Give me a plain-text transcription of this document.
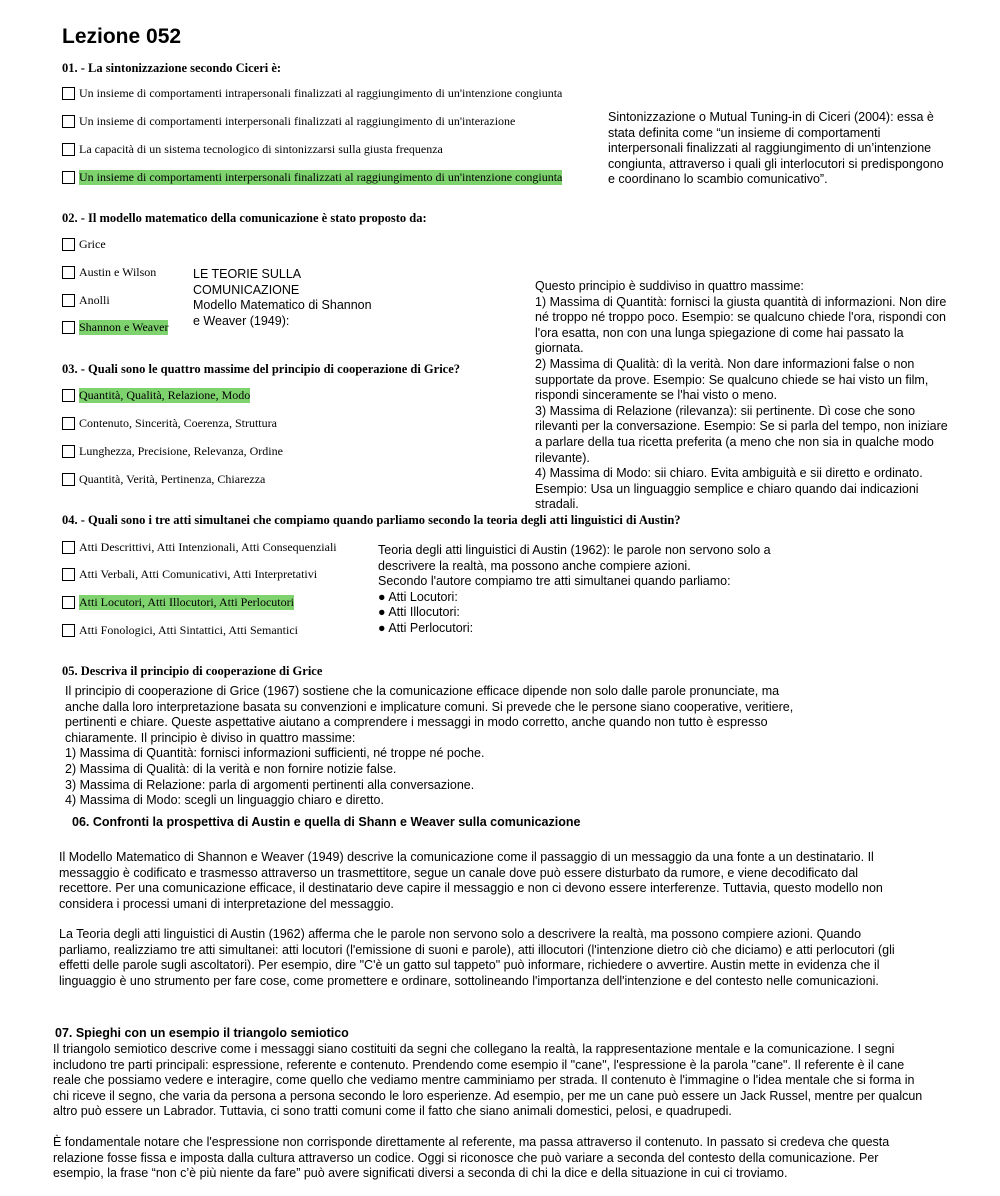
Lezione 052
01. - La sintonizzazione secondo Ciceri è:
Un insieme di comportamenti intrapersonali finalizzati al raggiungimento di un'intenzione congiunta
Un insieme di comportamenti interpersonali finalizzati al raggiungimento di un'interazione
La capacità di un sistema tecnologico di sintonizzarsi sulla giusta frequenza
Un insieme di comportamenti interpersonali finalizzati al raggiungimento di un'intenzione congiunta
Sintonizzazione o Mutual Tuning-in di Ciceri (2004): essa è
stata definita come “un insieme di comportamenti
interpersonali finalizzati al raggiungimento di un’intenzione
congiunta, attraverso i quali gli interlocutori si predispongono
e coordinano lo scambio comunicativo”.
02. - Il modello matematico della comunicazione è stato proposto da:
Grice
Austin e Wilson
Anolli
Shannon e Weaver
LE TEORIE SULLA
COMUNICAZIONE
Modello Matematico di Shannon
e Weaver (1949):
03. - Quali sono le quattro massime del principio di cooperazione di Grice?
Quantità, Qualità, Relazione, Modo
Contenuto, Sincerità, Coerenza, Struttura
Lunghezza, Precisione, Relevanza, Ordine
Quantità, Verità, Pertinenza, Chiarezza
Questo principio è suddiviso in quattro massime:
1) Massima di Quantità: fornisci la giusta quantità di informazioni. Non dire
né troppo né troppo poco. Esempio: se qualcuno chiede l'ora, rispondi con
l'ora esatta, non con una lunga spiegazione di come hai passato la
giornata.
2) Massima di Qualità: dì la verità. Non dare informazioni false o non
supportate da prove. Esempio: Se qualcuno chiede se hai visto un film,
rispondi sinceramente se l'hai visto o meno.
3) Massima di Relazione (rilevanza): sii pertinente. Dì cose che sono
rilevanti per la conversazione. Esempio: Se si parla del tempo, non iniziare
a parlare della tua ricetta preferita (a meno che non sia in qualche modo
rilevante).
4) Massima di Modo: sii chiaro. Evita ambiguità e sii diretto e ordinato.
Esempio: Usa un linguaggio semplice e chiaro quando dai indicazioni
stradali.
04. - Quali sono i tre atti simultanei che compiamo quando parliamo secondo la teoria degli atti linguistici di Austin?
Atti Descrittivi, Atti Intenzionali, Atti Consequenziali
Atti Verbali, Atti Comunicativi, Atti Interpretativi
Atti Locutori, Atti Illocutori, Atti Perlocutori
Atti Fonologici, Atti Sintattici, Atti Semantici
Teoria degli atti linguistici di Austin (1962): le parole non servono solo a
descrivere la realtà, ma possono anche compiere azioni.
Secondo l'autore compiamo tre atti simultanei quando parliamo:
● Atti Locutori:
● Atti Illocutori:
● Atti Perlocutori:
05. Descriva il principio di cooperazione di Grice
Il principio di cooperazione di Grice (1967) sostiene che la comunicazione efficace dipende non solo dalle parole pronunciate, ma
anche dalla loro interpretazione basata su convenzioni e implicature comuni. Si prevede che le persone siano cooperative, veritiere,
pertinenti e chiare. Queste aspettative aiutano a comprendere i messaggi in modo corretto, anche quando non tutto è espresso
chiaramente. Il principio è diviso in quattro massime:
1) Massima di Quantità: fornisci informazioni sufficienti, né troppe né poche.
2) Massima di Qualità: di la verità e non fornire notizie false.
3) Massima di Relazione: parla di argomenti pertinenti alla conversazione.
4) Massima di Modo: scegli un linguaggio chiaro e diretto.
06. Confronti la prospettiva di Austin e quella di Shann e Weaver sulla comunicazione
Il Modello Matematico di Shannon e Weaver (1949) descrive la comunicazione come il passaggio di un messaggio da una fonte a un destinatario. Il
messaggio è codificato e trasmesso attraverso un trasmettitore, segue un canale dove può essere disturbato da rumore, e viene decodificato dal
recettore. Per una comunicazione efficace, il destinatario deve capire il messaggio e non ci devono essere interferenze. Tuttavia, questo modello non
considera i processi umani di interpretazione del messaggio.
La Teoria degli atti linguistici di Austin (1962) afferma che le parole non servono solo a descrivere la realtà, ma possono compiere azioni. Quando
parliamo, realizziamo tre atti simultanei: atti locutori (l'emissione di suoni e parole), atti illocutori (l'intenzione dietro ciò che diciamo) e atti perlocutori (gli
effetti delle parole sugli ascoltatori). Per esempio, dire "C'è un gatto sul tappeto" può informare, richiedere o avvertire. Austin mette in evidenza che il
linguaggio è uno strumento per fare cose, come promettere e ordinare, sottolineando l'importanza dell'intenzione e del contesto nelle comunicazioni.
07. Spieghi con un esempio il triangolo semiotico
Il triangolo semiotico descrive come i messaggi siano costituiti da segni che collegano la realtà, la rappresentazione mentale e la comunicazione. I segni
includono tre parti principali: espressione, referente e contenuto. Prendendo come esempio il "cane", l'espressione è la parola "cane". Il referente è il cane
reale che possiamo vedere e interagire, come quello che vediamo mentre camminiamo per strada. Il contenuto è l'immagine o l'idea mentale che si forma in
chi riceve il segno, che varia da persona a persona secondo le loro esperienze. Ad esempio, per me un cane può essere un Jack Russel, mentre per qualcun
altro può essere un Labrador. Tuttavia, ci sono tratti comuni come il fatto che siano animali domestici, pelosi, e quadrupedi.
È fondamentale notare che l'espressione non corrisponde direttamente al referente, ma passa attraverso il contenuto. In passato si credeva che questa
relazione fosse fissa e imposta dalla cultura attraverso un codice. Oggi si riconosce che può variare a seconda del contesto della comunicazione. Per
esempio, la frase “non c’è più niente da fare” può avere significati diversi a seconda di chi la dice e della situazione in cui ci troviamo.
